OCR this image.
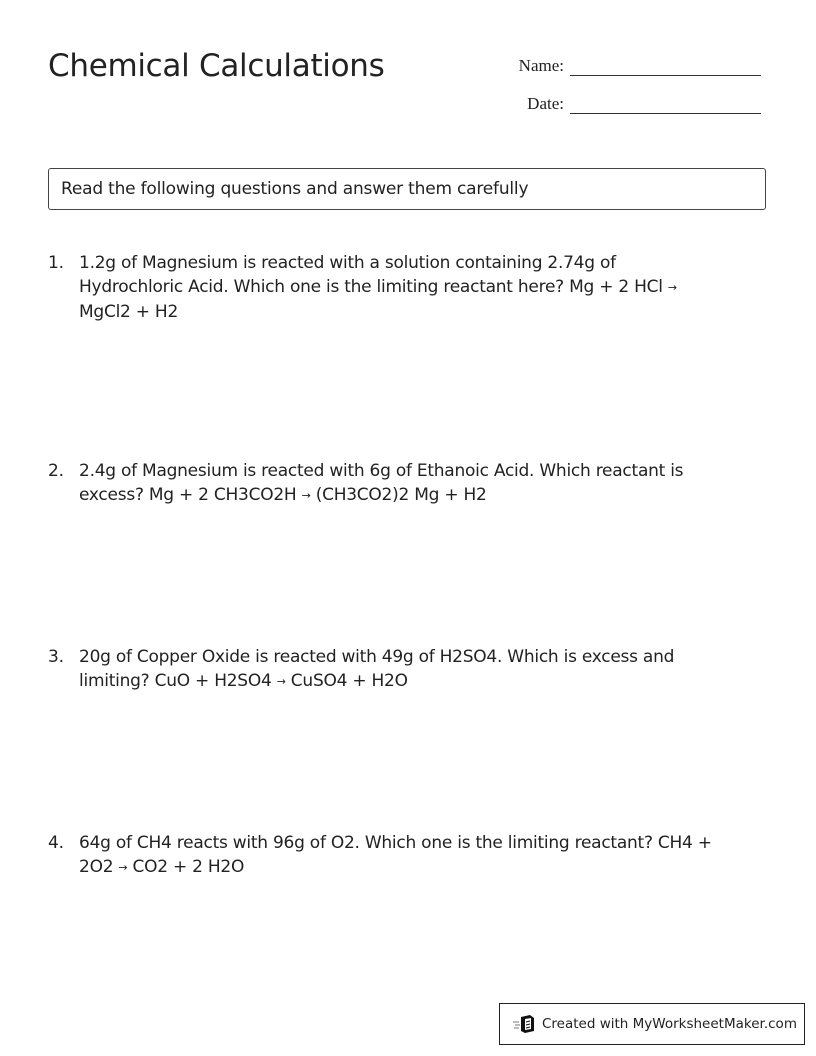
Chemical Calculations	Name:
Date:
Read the following questions and answer them carefully
1. 1.2g of Magnesium is reacted with a solution containing 2.74g of
Hydrochloric Acid. Which one is the limiting reactant here? Mg + 2 HCl →
MgCl2 + H2
2. 2.4g of Magnesium is reacted with 6g of Ethanoic Acid. Which reactant is
excess? Mg + 2 CH3CO2H → (CH3CO2)2 Mg + H2
3. 20g of Copper Oxide is reacted with 49g of H2SO4. Which is excess and
limiting? CuO + H2SO4 → CuSO4 + H2O
4. 64g of CH4 reacts with 96g of O2. Which one is the limiting reactant? CH4 +
2O2 → CO2 + 2 H2O
Created with MyWorksheetMaker.com
